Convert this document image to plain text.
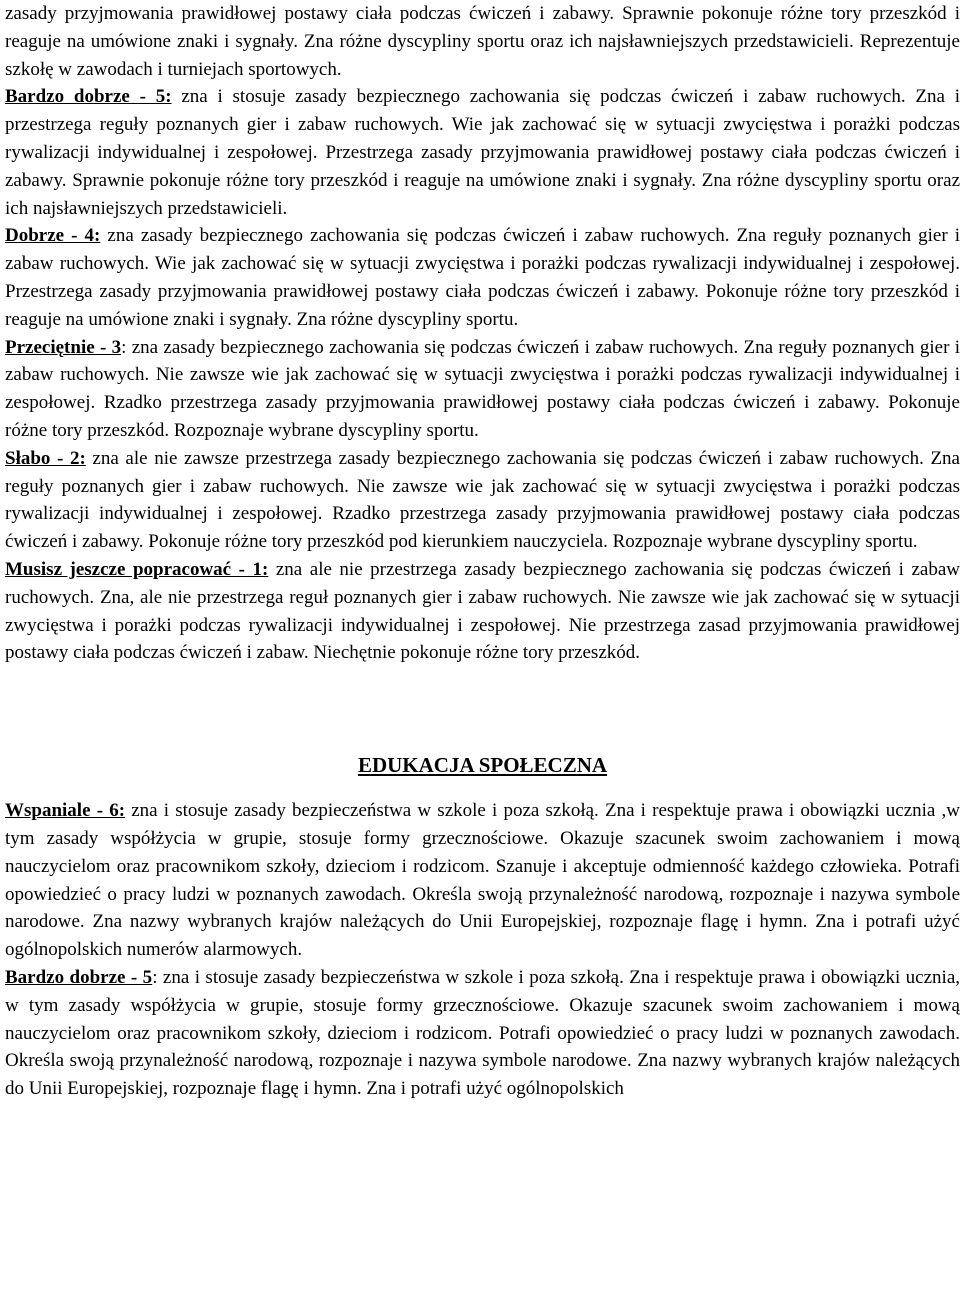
zasady przyjmowania prawidłowej postawy ciała podczas ćwiczeń i zabawy. Sprawnie pokonuje różne tory przeszkód i reaguje na umówione znaki i sygnały. Zna różne dyscypliny sportu oraz ich najsławniejszych przedstawicieli. Reprezentuje szkołę w zawodach i turniejach sportowych.

Bardzo dobrze - 5: zna i stosuje zasady bezpiecznego zachowania się podczas ćwiczeń i zabaw ruchowych. Zna i przestrzega reguły poznanych gier i zabaw ruchowych. Wie jak zachować się w sytuacji zwycięstwa i porażki podczas rywalizacji indywidualnej i zespołowej. Przestrzega zasady przyjmowania prawidłowej postawy ciała podczas ćwiczeń i zabawy. Sprawnie pokonuje różne tory przeszkód i reaguje na umówione znaki i sygnały. Zna różne dyscypliny sportu oraz ich najsławniejszych przedstawicieli.

Dobrze - 4: zna zasady bezpiecznego zachowania się podczas ćwiczeń i zabaw ruchowych. Zna reguły poznanych gier i zabaw ruchowych. Wie jak zachować się w sytuacji zwycięstwa i porażki podczas rywalizacji indywidualnej i zespołowej. Przestrzega zasady przyjmowania prawidłowej postawy ciała podczas ćwiczeń i zabawy. Pokonuje różne tory przeszkód i reaguje na umówione znaki i sygnały. Zna różne dyscypliny sportu.

Przeciętnie - 3: zna zasady bezpiecznego zachowania się podczas ćwiczeń i zabaw ruchowych. Zna reguły poznanych gier i zabaw ruchowych. Nie zawsze wie jak zachować się w sytuacji zwycięstwa i porażki podczas rywalizacji indywidualnej i zespołowej. Rzadko przestrzega zasady przyjmowania prawidłowej postawy ciała podczas ćwiczeń i zabawy. Pokonuje różne tory przeszkód. Rozpoznaje wybrane dyscypliny sportu.

Słabo - 2: zna ale nie zawsze przestrzega zasady bezpiecznego zachowania się podczas ćwiczeń i zabaw ruchowych. Zna reguły poznanych gier i zabaw ruchowych. Nie zawsze wie jak zachować się w sytuacji zwycięstwa i porażki podczas rywalizacji indywidualnej i zespołowej. Rzadko przestrzega zasady przyjmowania prawidłowej postawy ciała podczas ćwiczeń i zabawy. Pokonuje różne tory przeszkód pod kierunkiem nauczyciela. Rozpoznaje wybrane dyscypliny sportu.

Musisz jeszcze popracować - 1: zna ale nie przestrzega zasady bezpiecznego zachowania się podczas ćwiczeń i zabaw ruchowych. Zna, ale nie przestrzega reguł poznanych gier i zabaw ruchowych. Nie zawsze wie jak zachować się w sytuacji zwycięstwa i porażki podczas rywalizacji indywidualnej i zespołowej. Nie przestrzega zasad przyjmowania prawidłowej postawy ciała podczas ćwiczeń i zabaw. Niechętnie pokonuje różne tory przeszkód.

EDUKACJA SPOŁECZNA

Wspaniale - 6: zna i stosuje zasady bezpieczeństwa w szkole i poza szkołą. Zna i respektuje prawa i obowiązki ucznia ,w tym zasady współżycia w grupie, stosuje formy grzecznościowe. Okazuje szacunek swoim zachowaniem i mową nauczycielom oraz pracownikom szkoły, dzieciom i rodzicom. Szanuje i akceptuje odmienność każdego człowieka. Potrafi opowiedzieć o pracy ludzi w poznanych zawodach. Określa swoją przynależność narodową, rozpoznaje i nazywa symbole narodowe. Zna nazwy wybranych krajów należących do Unii Europejskiej, rozpoznaje flagę i hymn. Zna i potrafi użyć ogólnopolskich numerów alarmowych.

Bardzo dobrze - 5: zna i stosuje zasady bezpieczeństwa w szkole i poza szkołą. Zna i respektuje prawa i obowiązki ucznia, w tym zasady współżycia w grupie, stosuje formy grzecznościowe. Okazuje szacunek swoim zachowaniem i mową nauczycielom oraz pracownikom szkoły, dzieciom i rodzicom. Potrafi opowiedzieć o pracy ludzi w poznanych zawodach. Określa swoją przynależność narodową, rozpoznaje i nazywa symbole narodowe. Zna nazwy wybranych krajów należących do Unii Europejskiej, rozpoznaje flagę i hymn. Zna i potrafi użyć ogólnopolskich
